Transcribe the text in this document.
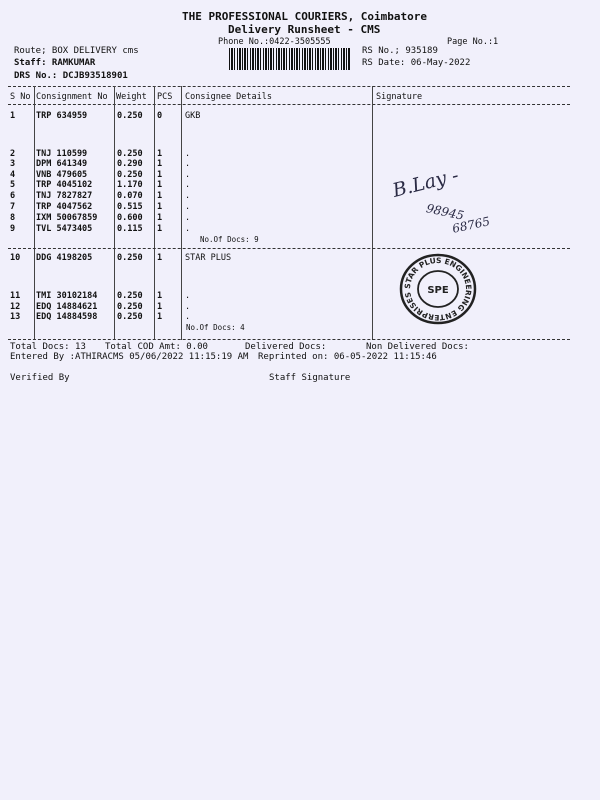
THE PROFESSIONAL COURIERS, Coimbatore
Delivery Runsheet - CMS
Phone No.:0422-3505555	Page No.:1
Route; BOX DELIVERY cms
Staff: RAMKUMAR
DRS No.: DCJB93518901
RS No.; 935189
RS Date: 06-May-2022
S No Consignment No Weight PCS Consignee Details	Signature
1 TRP 634959	0.250 0	GKB
2 TNJ 110599	0.250 1	.
3 DPM 641349	0.290 1	.
4 VNB 479605	0.250 1	.
5 TRP 4045102	1.170 1	.
6 TNJ 7827827	0.070 1	.
7 TRP 4047562	0.515 1	.
8 IXM 50067859 0.600 1	.
9 TVL 5473405	0.115 1	.
No.Of Docs: 9
10 DDG 4198205	0.250 1	STAR PLUS
11 TMI 30102184 0.250 1	.
12 EDQ 14884621 0.250 1	.
13 EDQ 14884598 0.250 1	.
No.Of Docs: 4
B.Lay -
98945
68765
STAR PLUS ENGINEERING ENTERPRISES	SPE
Total Docs: 13 Total COD Amt: 0.00	Delivered Docs:	Non Delivered Docs:
Entered By :ATHIRACMS 05/06/2022 11:15:19 AM Reprinted on: 06-05-2022 11:15:46
Verified By	Staff Signature
